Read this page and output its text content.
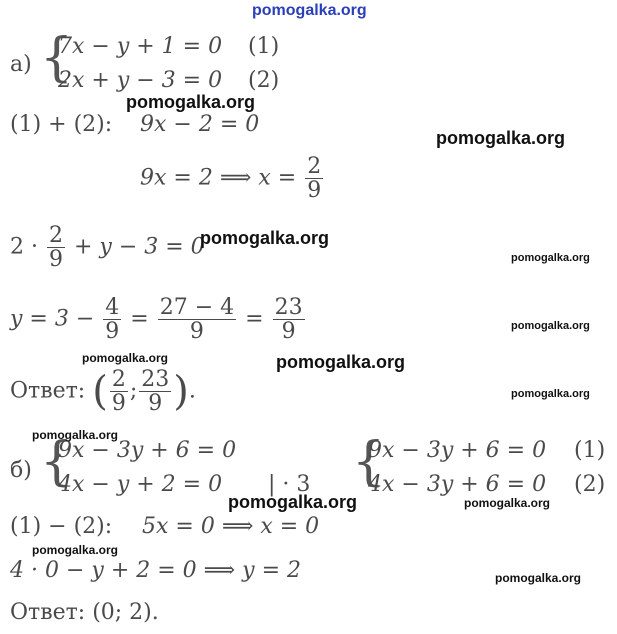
pomogalka.org
а) {
7x − y + 1 = 0 (1)
2x + y − 3 = 0 (2)
(1) + (2): 9x − 2 = 0
9x = 2 ⟹ $x = \frac{2}{9}$
$2 \cdot \frac{2}{9} + y - 3 = 0$
$y = 3 - \frac{4}{9} = \frac{27 - 4}{9} = \frac{23}{9}$
Ответ: ( $\frac{2}{9}$ ; $\frac{23}{9}$ ).
б) {
9x − 3y + 6 = 0
4x − y + 2 = 0 | · 3 {
9x − 3y + 6 = 0 (1)
4x − 3y + 6 = 0 (2)
(1) − (2): 5x = 0 ⟹ x = 0
4 · 0 − y + 2 = 0 ⟹ y = 2
Ответ: (0; 2).
pomogalka.org
pomogalka.org
pomogalka.org
pomogalka.org
pomogalka.org
pomogalka.org	pomogalka.org
pomogalka.org
pomogalka.org
pomogalka.org	pomogalka.org
pomogalka.org
pomogalka.org
